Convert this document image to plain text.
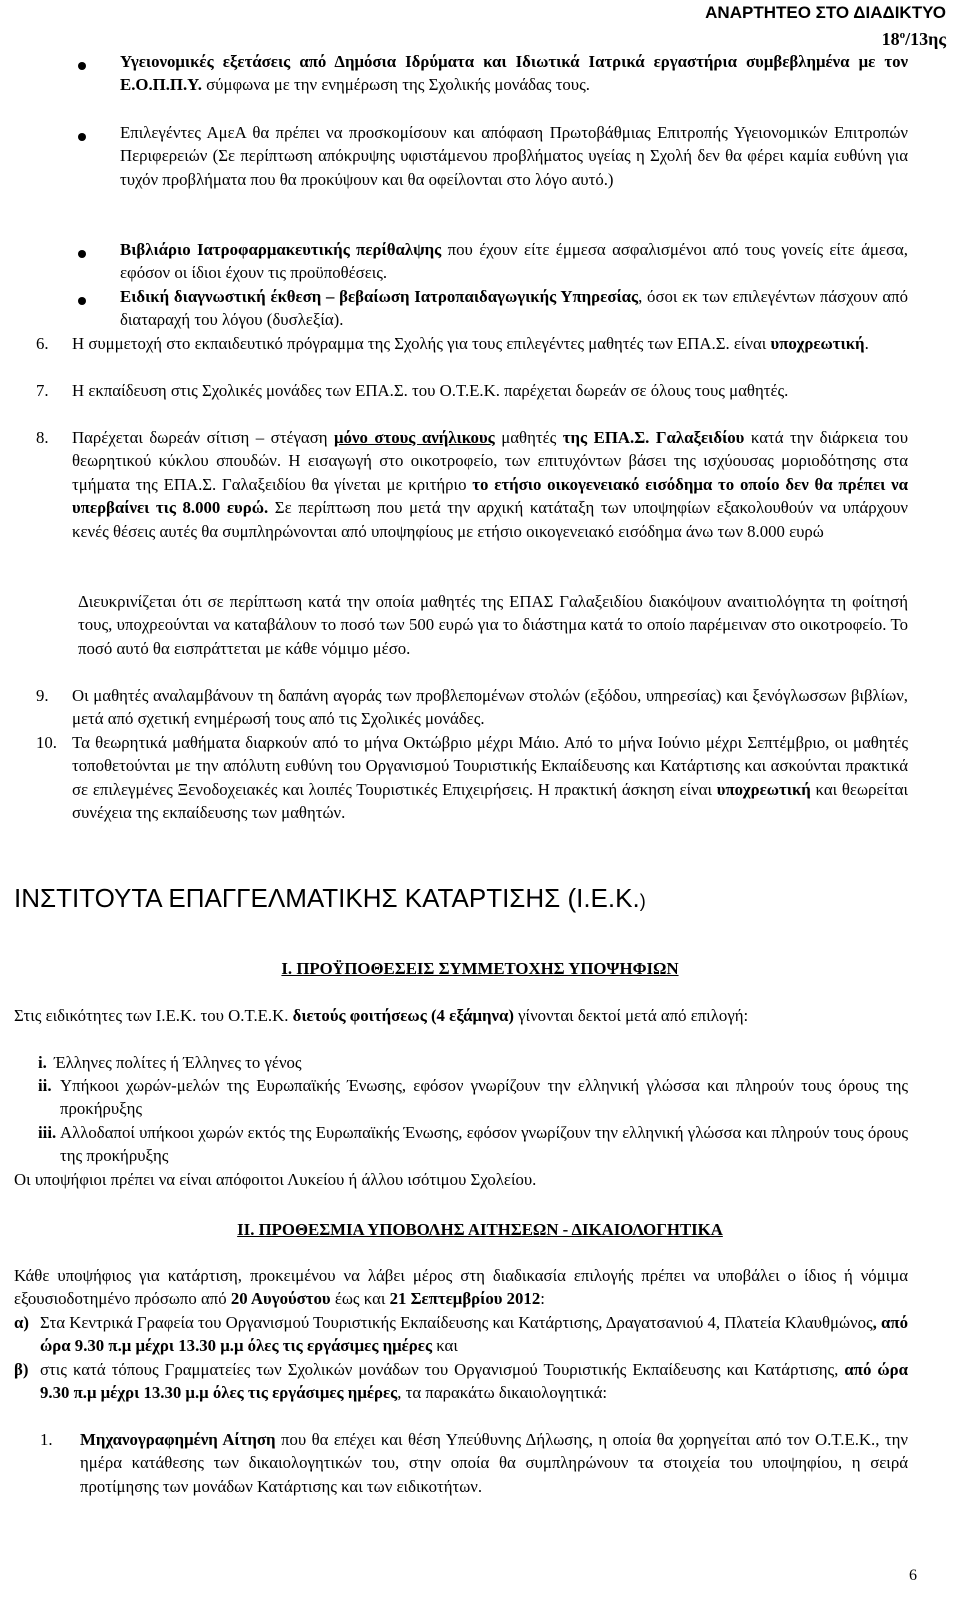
ΑΝΑΡΤΗΤΕΟ ΣΤΟ ΔΙΑΔΙΚΤΥΟ
$18^o/13\eta\varsigma$
Υγειονομικές εξετάσεις από Δημόσια Ιδρύματα και Ιδιωτικά Ιατρικά εργαστήρια συμβεβλημένα με τον Ε.Ο.Π.Π.Υ. σύμφωνα με την ενημέρωση της Σχολικής μονάδας τους.
Επιλεγέντες ΑμεΑ θα πρέπει να προσκομίσουν και απόφαση Πρωτοβάθμιας Επιτροπής Υγειονομικών Επιτροπών Περιφερειών (Σε περίπτωση απόκρυψης υφιστάμενου προβλήματος υγείας η Σχολή δεν θα φέρει καμία ευθύνη για τυχόν προβλήματα που θα προκύψουν και θα οφείλονται στο λόγο αυτό.)
Βιβλιάριο Ιατροφαρμακευτικής περίθαλψης που έχουν είτε έμμεσα ασφαλισμένοι από τους γονείς είτε άμεσα, εφόσον οι ίδιοι έχουν τις προϋποθέσεις.
Ειδική διαγνωστική έκθεση – βεβαίωση Ιατροπαιδαγωγικής Υπηρεσίας, όσοι εκ των επιλεγέντων πάσχουν από διαταραχή του λόγου (δυσλεξία).
6. Η συμμετοχή στο εκπαιδευτικό πρόγραμμα της Σχολής για τους επιλεγέντες μαθητές των ΕΠΑ.Σ. είναι υποχρεωτική.
7. Η εκπαίδευση στις Σχολικές μονάδες των ΕΠΑ.Σ. του Ο.Τ.Ε.Κ. παρέχεται δωρεάν σε όλους τους μαθητές.
8. Παρέχεται δωρεάν σίτιση – στέγαση μόνο στους ανήλικους μαθητές της ΕΠΑ.Σ. Γαλαξειδίου κατά την διάρκεια του θεωρητικού κύκλου σπουδών. Η εισαγωγή στο οικοτροφείο, των επιτυχόντων βάσει της ισχύουσας μοριοδότησης στα τμήματα της ΕΠΑ.Σ. Γαλαξειδίου θα γίνεται με κριτήριο το ετήσιο οικογενειακό εισόδημα το οποίο δεν θα πρέπει να υπερβαίνει τις 8.000 ευρώ. Σε περίπτωση που μετά την αρχική κατάταξη των υποψηφίων εξακολουθούν να υπάρχουν κενές θέσεις αυτές θα συμπληρώνονται από υποψηφίους με ετήσιο οικογενειακό εισόδημα άνω των 8.000 ευρώ
Διευκρινίζεται ότι σε περίπτωση κατά την οποία μαθητές της ΕΠΑΣ Γαλαξειδίου διακόψουν αναιτιολόγητα τη φοίτησή τους, υποχρεούνται να καταβάλουν το ποσό των 500 ευρώ για το διάστημα κατά το οποίο παρέμειναν στο οικοτροφείο. Το ποσό αυτό θα εισπράττεται με κάθε νόμιμο μέσο.
9. Οι μαθητές αναλαμβάνουν τη δαπάνη αγοράς των προβλεπομένων στολών (εξόδου, υπηρεσίας) και ξενόγλωσσων βιβλίων, μετά από σχετική ενημέρωσή τους από τις Σχολικές μονάδες.
10. Τα θεωρητικά μαθήματα διαρκούν από το μήνα Οκτώβριο μέχρι Μάιο. Από το μήνα Ιούνιο μέχρι Σεπτέμβριο, οι μαθητές τοποθετούνται με την απόλυτη ευθύνη του Οργανισμού Τουριστικής Εκπαίδευσης και Κατάρτισης και ασκούνται πρακτικά σε επιλεγμένες Ξενοδοχειακές και λοιπές Τουριστικές Επιχειρήσεις. Η πρακτική άσκηση είναι υποχρεωτική και θεωρείται συνέχεια της εκπαίδευσης των μαθητών.
ΙΝΣΤΙΤΟΥΤΑ ΕΠΑΓΓΕΛΜΑΤΙΚΗΣ ΚΑΤΑΡΤΙΣΗΣ (Ι.Ε.Κ.)
Ι. ΠΡΟΫΠΟΘΕΣΕΙΣ ΣΥΜΜΕΤΟΧΗΣ ΥΠΟΨΗΦΙΩΝ
Στις ειδικότητες των Ι.Ε.Κ. του Ο.Τ.Ε.Κ. διετούς φοιτήσεως (4 εξάμηνα) γίνονται δεκτοί μετά από επιλογή:
i. Έλληνες πολίτες ή Έλληνες το γένος
ii. Υπήκοοι χωρών-μελών της Ευρωπαϊκής Ένωσης, εφόσον γνωρίζουν την ελληνική γλώσσα και πληρούν τους όρους της προκήρυξης
iii. Αλλοδαποί υπήκοοι χωρών εκτός της Ευρωπαϊκής Ένωσης, εφόσον γνωρίζουν την ελληνική γλώσσα και πληρούν τους όρους της προκήρυξης
Οι υποψήφιοι πρέπει να είναι απόφοιτοι Λυκείου ή άλλου ισότιμου Σχολείου.
ΙΙ. ΠΡΟΘΕΣΜΙΑ ΥΠΟΒΟΛΗΣ ΑΙΤΗΣΕΩΝ - ΔΙΚΑΙΟΛΟΓΗΤΙΚΑ
Κάθε υποψήφιος για κατάρτιση, προκειμένου να λάβει μέρος στη διαδικασία επιλογής πρέπει να υποβάλει ο ίδιος ή νόμιμα εξουσιοδοτημένο πρόσωπο από 20 Αυγούστου έως και 21 Σεπτεμβρίου 2012:
α) Στα Κεντρικά Γραφεία του Οργανισμού Τουριστικής Εκπαίδευσης και Κατάρτισης, Δραγατσανιού 4, Πλατεία Κλαυθμώνος, από ώρα 9.30 π.μ μέχρι 13.30 μ.μ όλες τις εργάσιμες ημέρες και
β) στις κατά τόπους Γραμματείες των Σχολικών μονάδων του Οργανισμού Τουριστικής Εκπαίδευσης και Κατάρτισης, από ώρα 9.30 π.μ μέχρι 13.30 μ.μ όλες τις εργάσιμες ημέρες, τα παρακάτω δικαιολογητικά:
1. Μηχανογραφημένη Αίτηση που θα επέχει και θέση Υπεύθυνης Δήλωσης, η οποία θα χορηγείται από τον Ο.Τ.Ε.Κ., την ημέρα κατάθεσης των δικαιολογητικών του, στην οποία θα συμπληρώνουν τα στοιχεία του υποψηφίου, η σειρά προτίμησης των μονάδων Κατάρτισης και των ειδικοτήτων.
6
